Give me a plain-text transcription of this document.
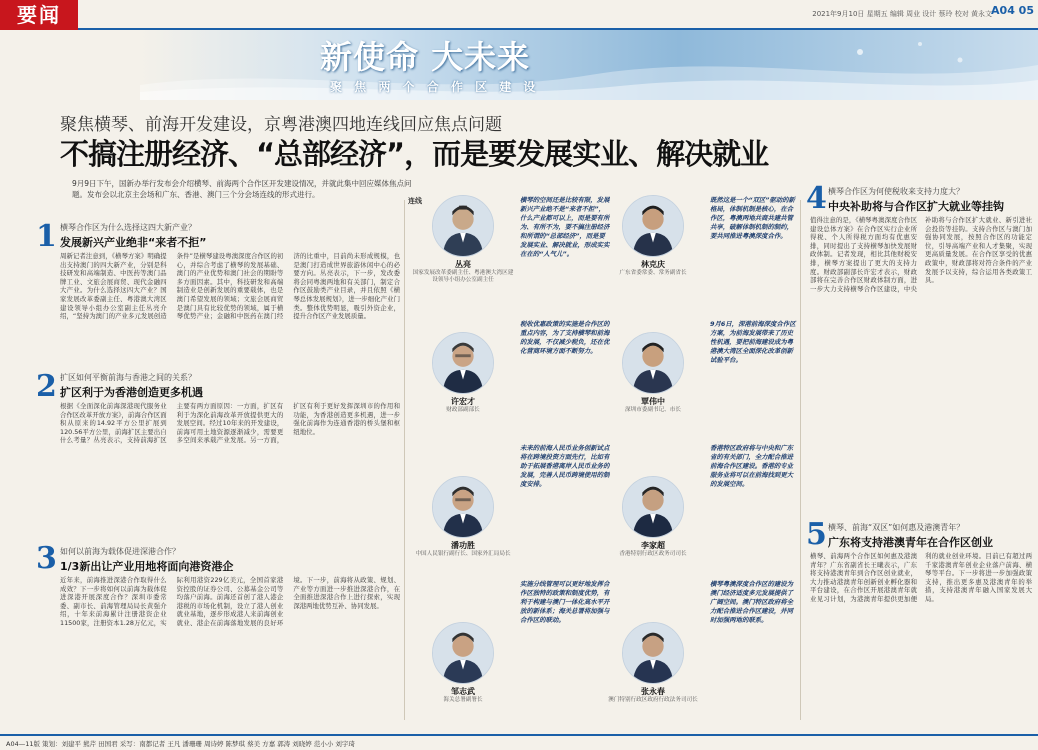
要闻	2021年9月10日 星期五 编辑 周业 设计 蔡玲 校对 黄永文 A04 05
新使命 大未来
聚 焦 两 个 合 作 区 建 设
聚焦横琴、前海开发建设，京粤港澳四地连线回应焦点问题
不搞注册经济、“总部经济”，而是要发展实业、解决就业
9月9日下午，国新办举行发布会介绍横琴、前海两个合作区开发建设情况，并就此集中回应媒体焦点问题。发布会以北京主会场和广东、香港、澳门三个分会场连线的形式进行。
1 横琴合作区为什么选择这四大新产业？
发展新兴产业绝非“来者不拒”
周新记者注意到，《横琴方案》明确提出支持澳门的四大新产业，分别是科技研发和高端制造、中医药等澳门品牌工业、文旅会展商贸、现代金融四大产业。为什么选择这四大产业？国家发展改革委副主任、粤港澳大湾区建设领导小组办公室副主任丛亮介绍，“坚持为澳门的产业多元发展创造条件”是横琴建设粤澳深度合作区的初心，并综合考虑了横琴的发展基础、澳门的产业优势和澳门社会的期盼等多方面因素。其中，科技研发和高端制造业是创新发展的重要载体，也是澳门希望发展的领域；文旅会展商贸是澳门具有比较优势的领域，属于横琴优势产业；金融和中医药在澳门经济的比重中，目前尚未形成规模，也是澳门打造成世界旅游休闲中心的必要方向。丛亮表示，下一步，发改委将会同粤澳两地和有关部门，制定合作区鼓励类产业目录，并且依照《横琴总体发展规划》，进一步细化产业门类。整体优势明显，吸引外资企业，提升合作区产业发展质量。
2 扩区如何平衡前海与香港之间的关系？
扩区利于为香港创造更多机遇
根据《全面深化前海深港现代服务业合作区改革开放方案》，前海合作区面积从原来的14.92平方公里扩展到120.56平方公里，前海扩区主要出自什么考量？丛亮表示，支持前海扩区主要有两方面原因：一方面，扩区有利于为深化前海改革开放提供更大的发展空间。经过10年来的开发建设，前海可用土地资源逐渐减少，需要更多空间来承载产业发展。另一方面，扩区有利于更好发挥深圳市的作用和功能，为香港创造更多机遇，进一步强化前海作为连通香港的桥头堡和枢纽地位。
3 如何以前海为载体促进深港合作？
1/3新出让产业用地将面向港资港企
近年来，前海推进深港合作取得什么成效？下一步将如何以前海为载体促进深港开展深度合作？深圳市委常委、副市长、前海管理局局长黄强介绍，十年来前海累计注册港资企业11500家，注册资本1.28万亿元，实际利用港资229亿美元，全国首家港资控股的证券公司、公募基金公司等均落户前海。前海还首创了港人港企港税的市场化机制，设立了港人创业就业基地，逐步形成港人来前海创业就业、港企在前海落地发展的良好环境。下一步，前海将从政策、规划、产业等方面进一步推进深港合作，在全面推进深港合作上进行探索，实现深港两地优势互补、协同发展。
连线
丛亮
国家发展改革委副主任、粤港澳大湾区建设领导小组办公室副主任
横琴的空间还是比较有限，发展新兴产业绝不是“来者不拒”，什么产业都可以上，而是要有所为、有所不为，要不搞注册经济和所谓的“总部经济”，而是要发展实业、解决就业，形成实实在在的“人气儿”。
林克庆
广东省委常委、常务副省长
既然这是一个“双区”驱动的新格局，体制机制是核心，在合作区，粤澳两地共商共建共管共享，破解体制机制的制约，要共同推进粤澳深度合作。
许宏才
财政部副部长
税收优惠政策的实施是合作区的重点内容，为了支持横琴和前海的发展，不仅减少税负，还在优化营商环境方面不断努力。
覃伟中
深圳市委副书记、市长
9月6日，深港前海深度合作区方案，为前海发展带来了历史性机遇，要把前海建设成为粤港澳大湾区全面深化改革创新试验平台。
潘功胜
中国人民银行副行长、国家外汇局局长
未来的前海人民币业务创新试点将在跨境投资方面先行，比如有助于拓展香港离岸人民币业务的发展，完善人民币跨境使用的制度安排。
李家超
香港特别行政区政务司司长
香港特区政府将与中央和广东省的有关部门，全力配合推进前海合作区建设。香港的专业服务业将可以在前海找到更大的发展空间。
邹志武
海关总署副署长
实施分线管理可以更好地发挥合作区独特的政策和制度优势，有利于构建与澳门一体化高水平开放的新体系；海关总署将加强与合作区的联动。
张永春
澳门特别行政区政府行政法务司司长
横琴粤澳深度合作区的建设为澳门经济适度多元发展提供了广阔空间。澳门特区政府将全力配合推进合作区建设，并同时加强两地的联系。
4 横琴合作区为何使税收来支持力度大？
中央补助将与合作区扩大就业等挂钩
值得注意的是，《横琴粤澳深度合作区建设总体方案》在合作区实行企业所得税、个人所得税方面均有优惠安排，同时提出了支持横琴加快发展财政体制。记者发现，相比其他财税安排，横琴方案提出了更大的支持力度。财政部副部长许宏才表示，财政部将在完善合作区财政体制方面，进一步大力支持横琴合作区建设，中央补助将与合作区扩大就业、新引进社会投资等挂钩。支持合作区与澳门加强协同发展，按照合作区的功能定位，引导高端产业和人才集聚，实现更高质量发展。在合作区享受的优惠政策中，财政部将对符合条件的产业发展予以支持，综合运用各类政策工具。
5 横琴、前海“双区”如何惠及港澳青年？
广东将支持港澳青年在合作区创业
横琴、前海两个合作区如何惠及港澳青年？广东省副省长王曦表示，广东将支持港澳青年到合作区创业就业，大力推动港澳青年创新创业孵化器和平台建设，在合作区开展港澳青年就业见习计划，为港澳青年提供更加便利的就业创业环境。目前已有超过两千家港澳青年创业企业落户前海、横琴等平台。下一步将进一步加强政策支持，推出更多惠及港澳青年的举措，支持港澳青年融入国家发展大局。
A04—11版 策划：刘建平 熊芹 田国君 采写：南都记者 王凡 潘珊珊 周诗婷 陈梦琪 蔡美 方嘉 郭涛 刘晓婷 范小小 刘宇琦
